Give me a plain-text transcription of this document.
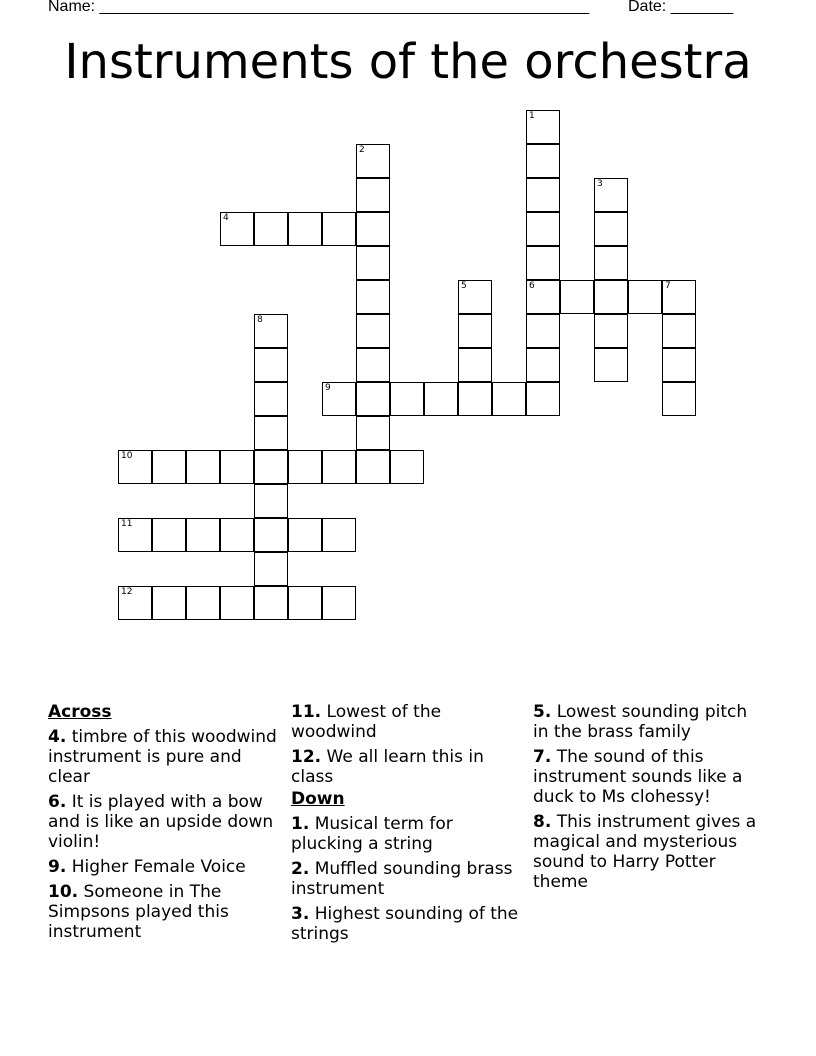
Name: _______________________________________________________ Date: _______
Instruments of the orchestra
1
2
3
4
5	6	7
8
9
10
11
12
Across
4. timbre of this woodwind instrument is pure and clear
6. It is played with a bow and is like an upside down violin!
9. Higher Female Voice
10. Someone in The Simpsons played this instrument
11. Lowest of the woodwind
12. We all learn this in class
Down
1. Musical term for plucking a string
2. Muffled sounding brass instrument
3. Highest sounding of the strings
5. Lowest sounding pitch in the brass family
7. The sound of this instrument sounds like a duck to Ms clohessy!
8. This instrument gives a magical and mysterious sound to Harry Potter theme
